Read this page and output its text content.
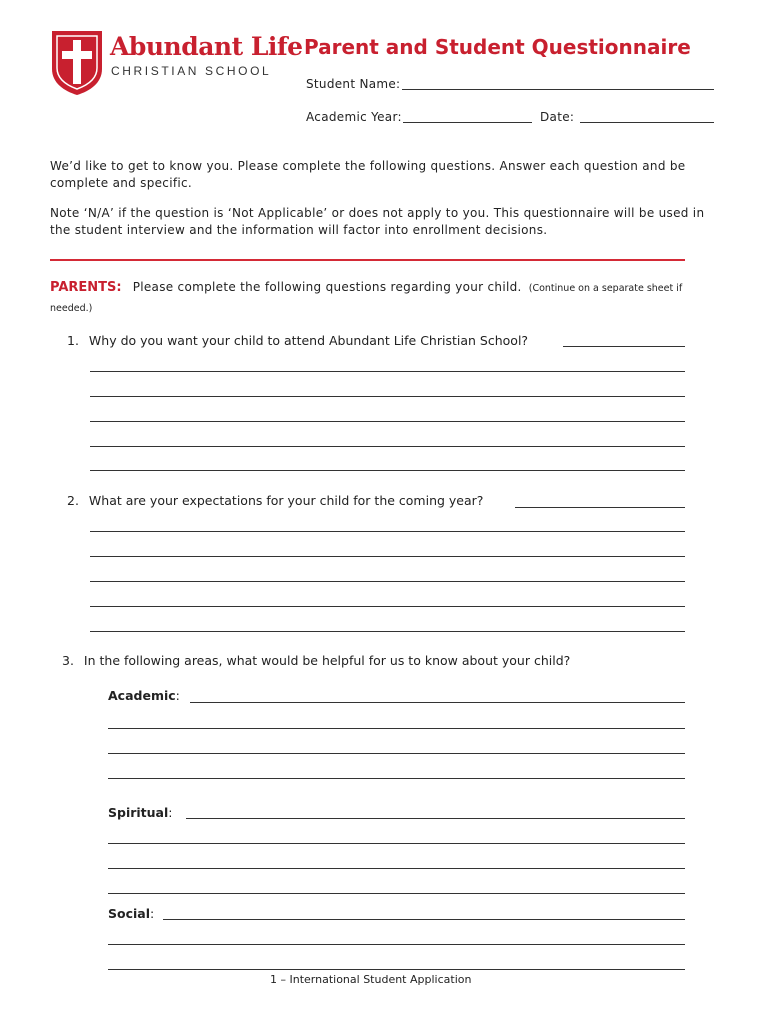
Abundant Life
CHRISTIAN SCHOOL
Parent and Student Questionnaire
Student Name:
Academic Year:	Date:
We’d like to get to know you. Please complete the following questions. Answer each question and be complete and specific.
Note ‘N/A’ if the question is ‘Not Applicable’ or does not apply to you. This questionnaire will be used in the student interview and the information will factor into enrollment decisions.
PARENTS: Please complete the following questions regarding your child. (Continue on a separate sheet if needed.)
1. Why do you want your child to attend Abundant Life Christian School?
2. What are your expectations for your child for the coming year?
3. In the following areas, what would be helpful for us to know about your child?
Academic:
Spiritual:
Social:
1 – International Student Application
